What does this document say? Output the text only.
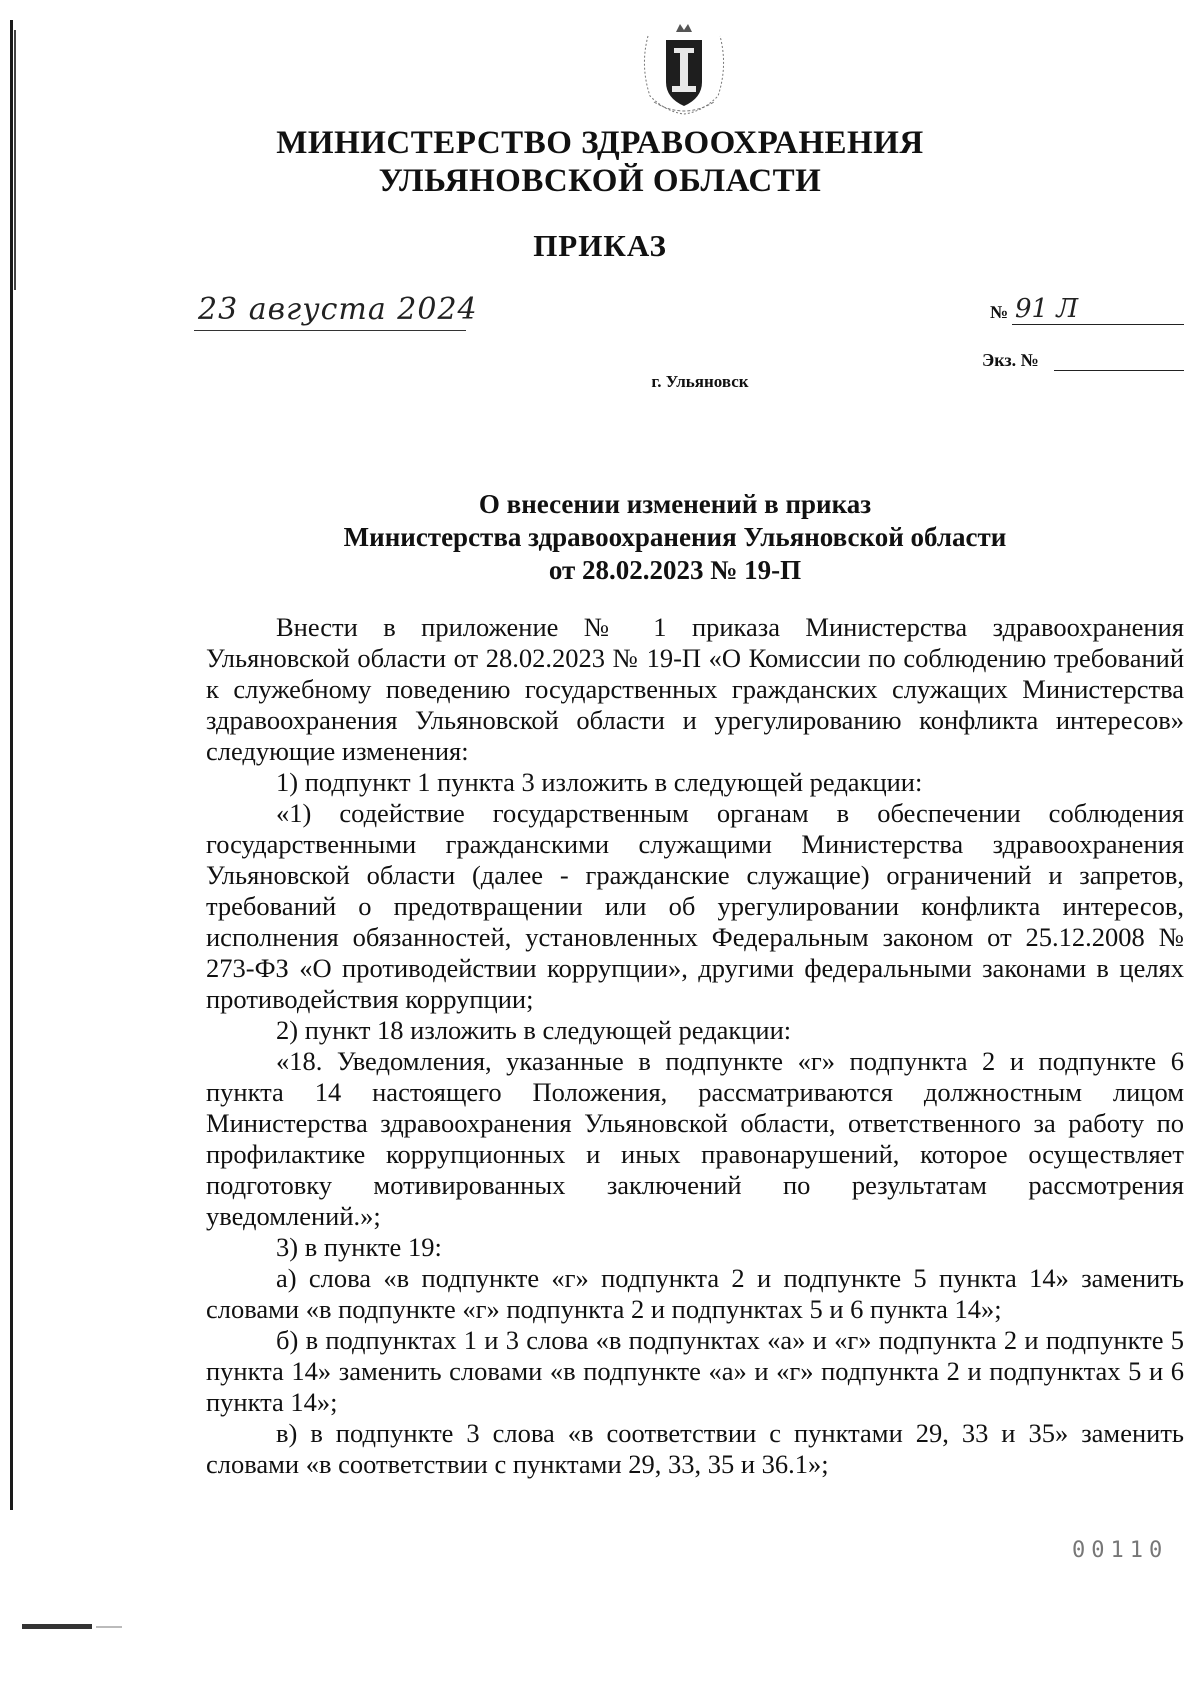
МИНИСТЕРСТВО ЗДРАВООХРАНЕНИЯ
УЛЬЯНОВСКОЙ ОБЛАСТИ
ПРИКАЗ
23 августа 2024	№ 91 Л
Экз. №
г. Ульяновск
О внесении изменений в приказ
Министерства здравоохранения Ульяновской области
от 28.02.2023 № 19-П

Внести в приложение № 1 приказа Министерства здравоохранения Ульяновской области от 28.02.2023 № 19-П «О Комиссии по соблюдению требований к служебному поведению государственных гражданских служащих Министерства здравоохранения Ульяновской области и урегулированию конфликта интересов» следующие изменения:

1) подпункт 1 пункта 3 изложить в следующей редакции:

«1) содействие государственным органам в обеспечении соблюдения государственными гражданскими служащими Министерства здравоохранения Ульяновской области (далее - гражданские служащие) ограничений и запретов, требований о предотвращении или об урегулировании конфликта интересов, исполнения обязанностей, установленных Федеральным законом от 25.12.2008 № 273-ФЗ «О противодействии коррупции», другими федеральными законами в целях противодействия коррупции;

2) пункт 18 изложить в следующей редакции:

«18. Уведомления, указанные в подпункте «г» подпункта 2 и подпункте 6 пункта 14 настоящего Положения, рассматриваются должностным лицом Министерства здравоохранения Ульяновской области, ответственного за работу по профилактике коррупционных и иных правонарушений, которое осуществляет подготовку мотивированных заключений по результатам рассмотрения уведомлений.»;

3) в пункте 19:

а) слова «в подпункте «г» подпункта 2 и подпункте 5 пункта 14» заменить словами «в подпункте «г» подпункта 2 и подпунктах 5 и 6 пункта 14»;

б) в подпунктах 1 и 3 слова «в подпунктах «а» и «г» подпункта 2 и подпункте 5 пункта 14» заменить словами «в подпункте «а» и «г» подпункта 2 и подпунктах 5 и 6 пункта 14»;

в) в подпункте 3 слова «в соответствии с пунктами 29, 33 и 35» заменить словами «в соответствии с пунктами 29, 33, 35 и 36.1»;

00110
